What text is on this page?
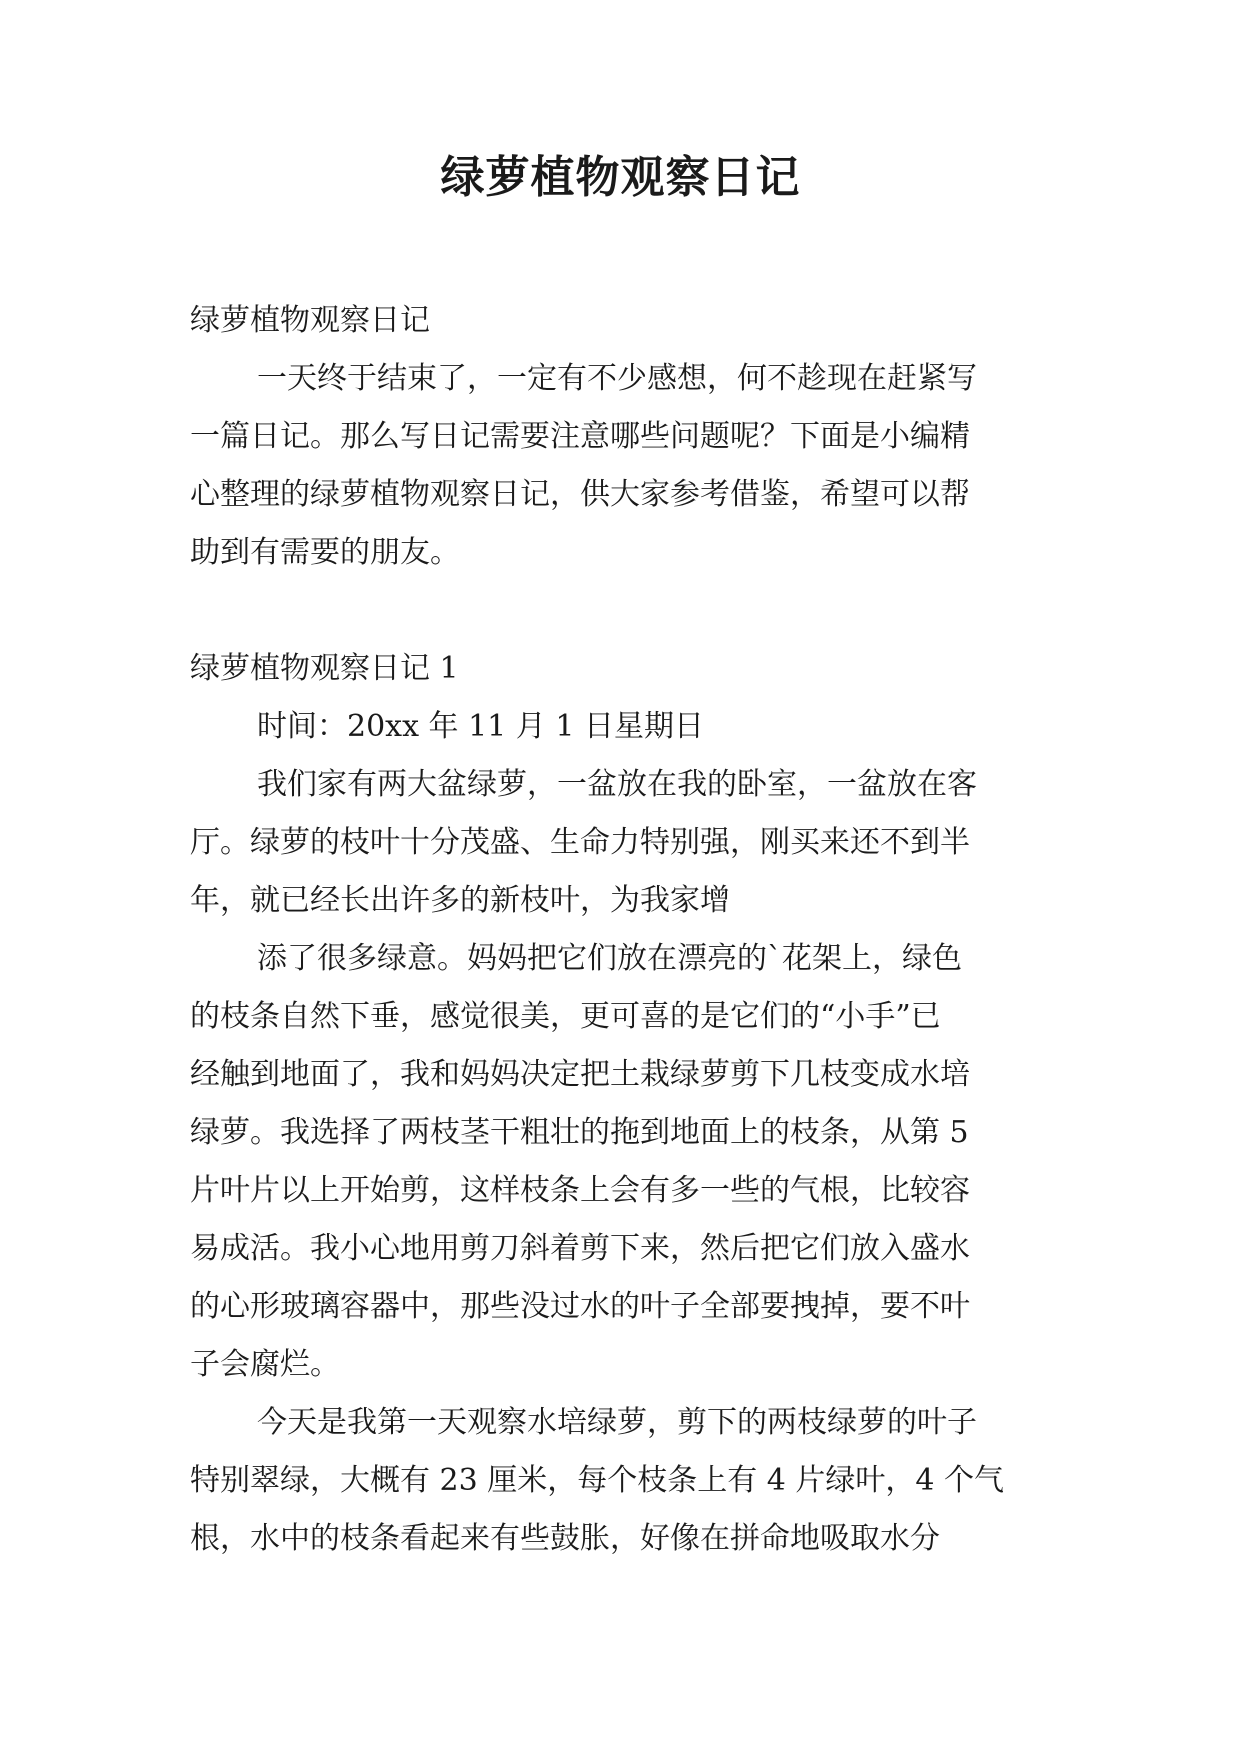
绿萝植物观察日记
绿萝植物观察日记
一天终于结束了，一定有不少感想，何不趁现在赶紧写
一篇日记。那么写日记需要注意哪些问题呢？下面是小编精
心整理的绿萝植物观察日记，供大家参考借鉴，希望可以帮
助到有需要的朋友。
绿萝植物观察日记 1
时间：20xx 年 11 月 1 日星期日
我们家有两大盆绿萝，一盆放在我的卧室，一盆放在客
厅。绿萝的枝叶十分茂盛、生命力特别强，刚买来还不到半
年，就已经长出许多的新枝叶，为我家增
添了很多绿意。妈妈把它们放在漂亮的`花架上，绿色
的枝条自然下垂，感觉很美，更可喜的是它们的“小手”已
经触到地面了，我和妈妈决定把土栽绿萝剪下几枝变成水培
绿萝。我选择了两枝茎干粗壮的拖到地面上的枝条，从第 5
片叶片以上开始剪，这样枝条上会有多一些的气根，比较容
易成活。我小心地用剪刀斜着剪下来，然后把它们放入盛水
的心形玻璃容器中，那些没过水的叶子全部要拽掉，要不叶
子会腐烂。
今天是我第一天观察水培绿萝，剪下的两枝绿萝的叶子
特别翠绿，大概有 23 厘米，每个枝条上有 4 片绿叶，4 个气
根，水中的枝条看起来有些鼓胀，好像在拼命地吸取水分
